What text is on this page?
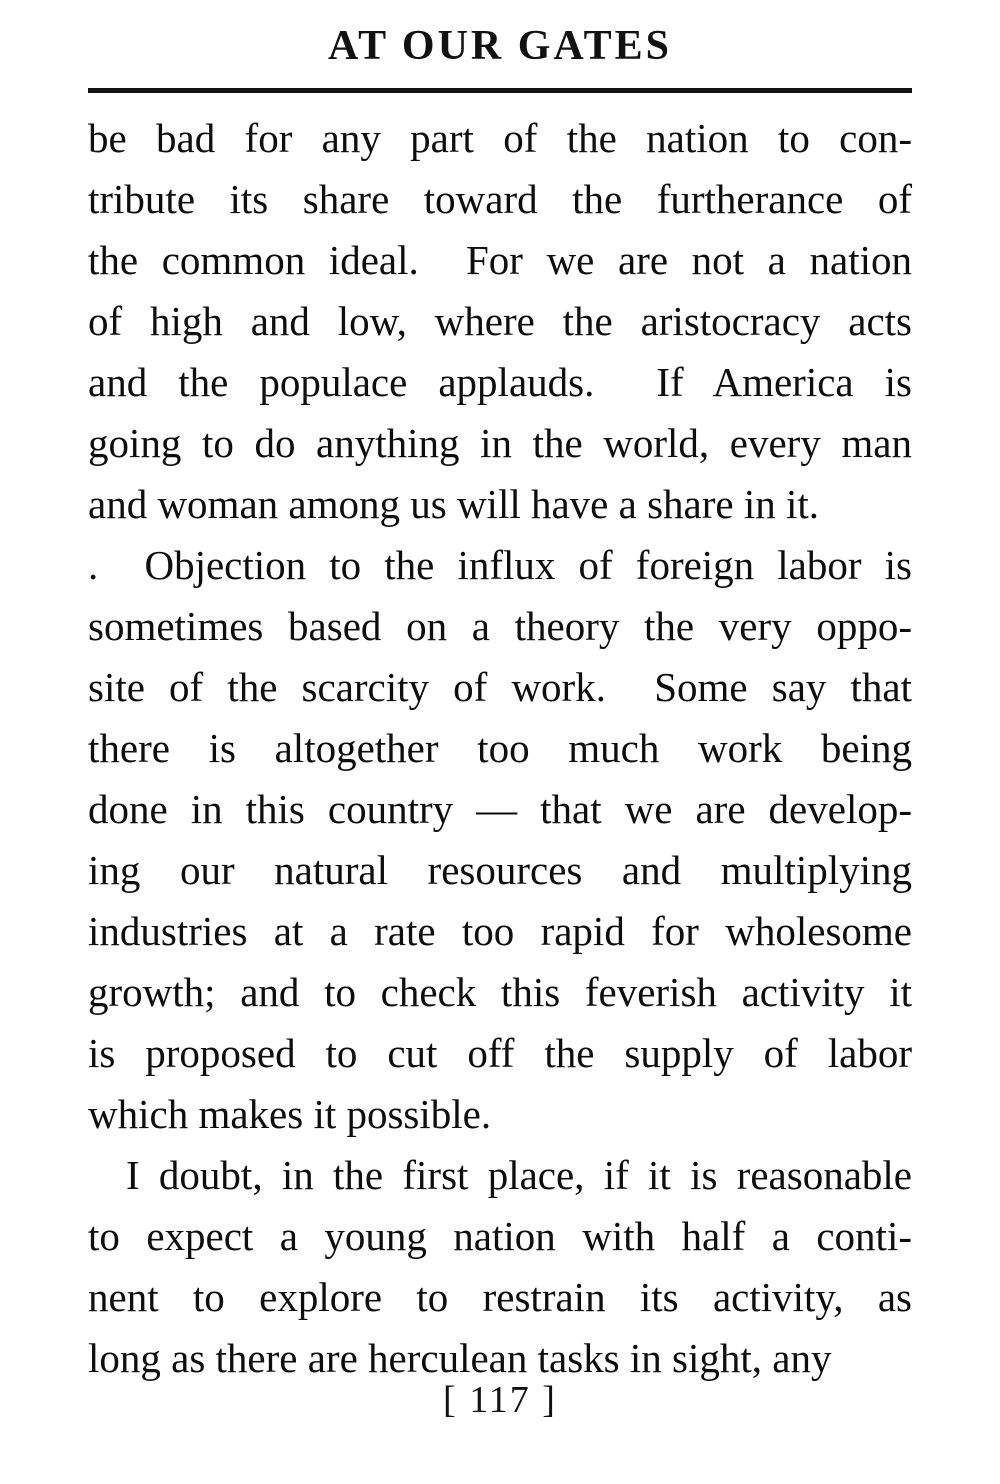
AT OUR GATES
be bad for any part of the nation to con-
tribute its share toward the furtherance of
the common ideal.  For we are not a nation
of high and low, where the aristocracy acts
and the populace applauds.  If America is
going to do anything in the world, every man
and woman among us will have a share in it.
.  Objection to the influx of foreign labor is
sometimes based on a theory the very oppo-
site of the scarcity of work.  Some say that
there is altogether too much work being
done in this country — that we are develop-
ing our natural resources and multiplying
industries at a rate too rapid for wholesome
growth; and to check this feverish activity it
is proposed to cut off the supply of labor
which makes it possible.
I doubt, in the first place, if it is reasonable
to expect a young nation with half a conti-
nent to explore to restrain its activity, as
long as there are herculean tasks in sight, any
[ 117 ]
